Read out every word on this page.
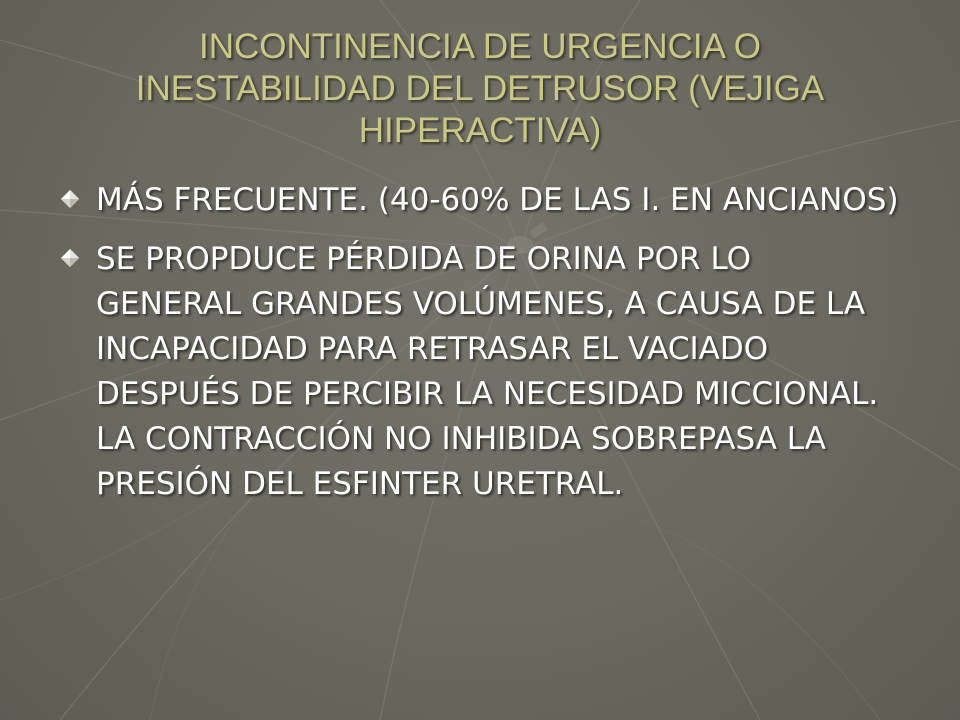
INCONTINENCIA DE URGENCIA O INESTABILIDAD DEL DETRUSOR (VEJIGA HIPERACTIVA)
MÁS FRECUENTE. (40-60% DE LAS I. EN ANCIANOS)
SE PROPDUCE PÉRDIDA DE ORINA POR LO GENERAL GRANDES VOLÚMENES, A CAUSA DE LA INCAPACIDAD PARA RETRASAR EL VACIADO DESPUÉS DE PERCIBIR LA NECESIDAD MICCIONAL. LA CONTRACCIÓN NO INHIBIDA SOBREPASA LA PRESIÓN DEL ESFINTER URETRAL.
